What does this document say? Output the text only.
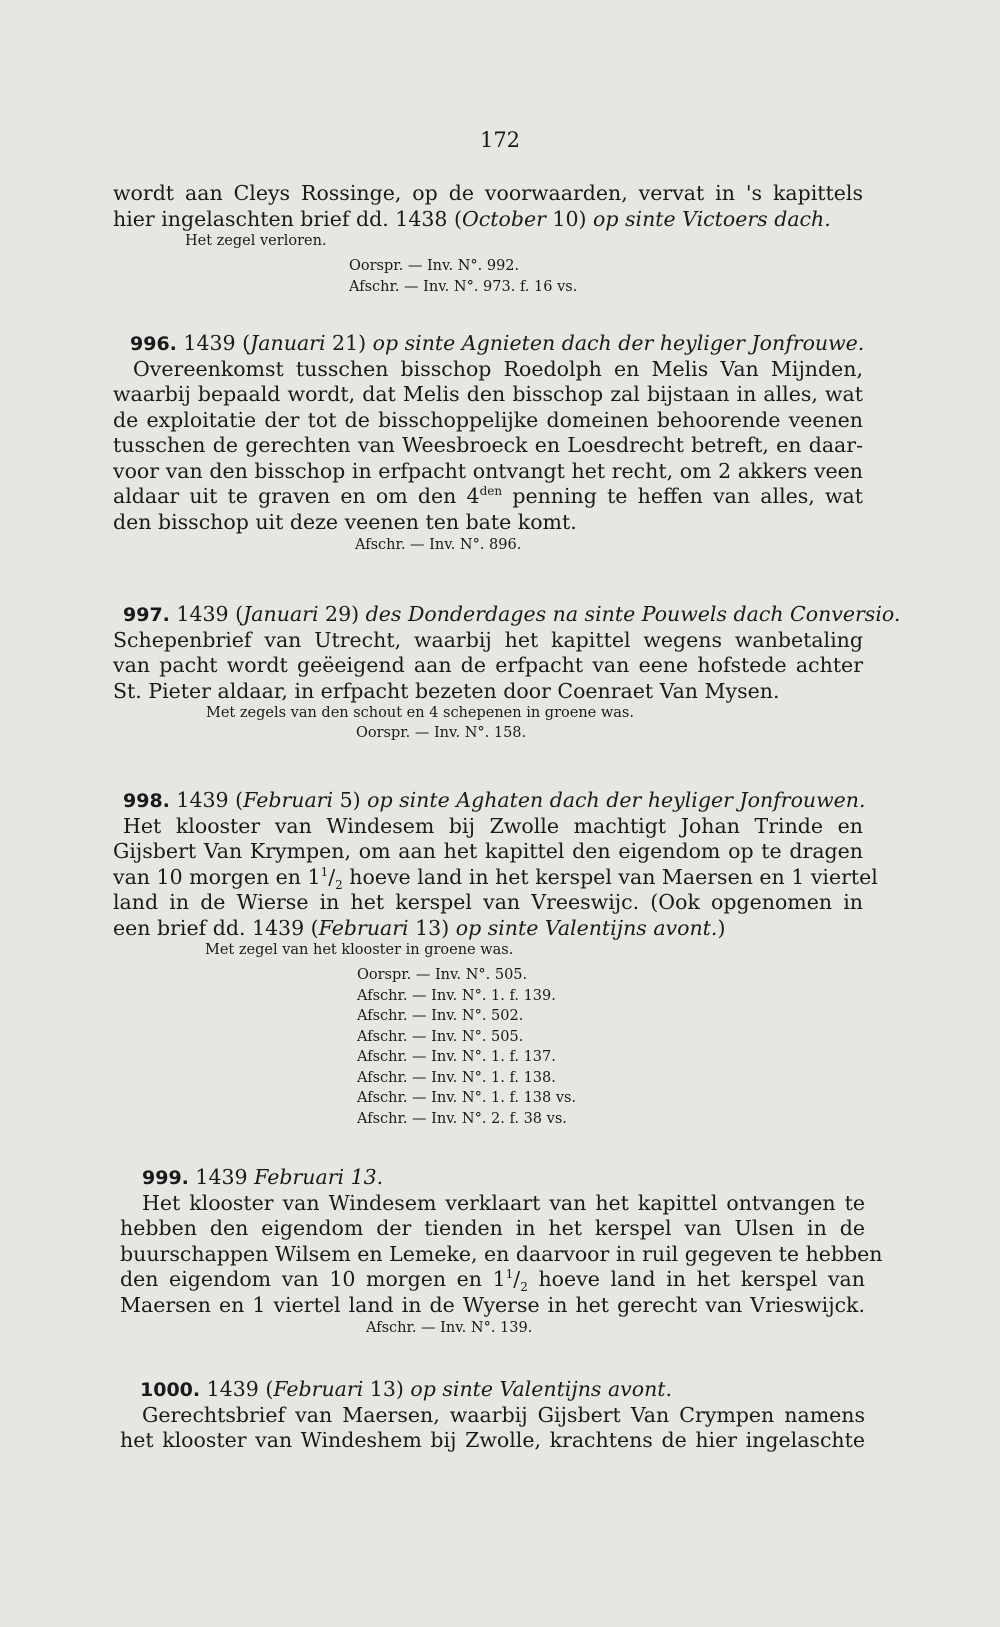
172
wordt aan Cleys Rossinge, op de voorwaarden, vervat in 's kapittels
hier ingelaschten brief dd. 1438 (October 10) op sinte Victoers dach.
Het zegel verloren.
Oorspr. — Inv. N°. 992.
Afschr. — Inv. N°. 973. f. 16 vs.
996. 1439 (Januari 21) op sinte Agnieten dach der heyliger Jonfrouwe.
Overeenkomst tusschen bisschop Roedolph en Melis Van Mijnden,
waarbij bepaald wordt, dat Melis den bisschop zal bijstaan in alles, wat
de exploitatie der tot de bisschoppelijke domeinen behoorende veenen
tusschen de gerechten van Weesbroeck en Loesdrecht betreft, en daar-
voor van den bisschop in erfpacht ontvangt het recht, om 2 akkers veen
aldaar uit te graven en om den $4^{den}$ penning te heffen van alles, wat
den bisschop uit deze veenen ten bate komt.
Afschr. — Inv. N°. 896.
997. 1439 (Januari 29) des Donderdages na sinte Pouwels dach Conversio.
Schepenbrief van Utrecht, waarbij het kapittel wegens wanbetaling
van pacht wordt geëeigend aan de erfpacht van eene hofstede achter
St. Pieter aldaar, in erfpacht bezeten door Coenraet Van Mysen.
Met zegels van den schout en 4 schepenen in groene was.
Oorspr. — Inv. N°. 158.
998. 1439 (Februari 5) op sinte Aghaten dach der heyliger Jonfrouwen.
Het klooster van Windesem bij Zwolle machtigt Johan Trinde en
Gijsbert Van Krympen, om aan het kapittel den eigendom op te dragen
van 10 morgen en $1^1/_2$ hoeve land in het kerspel van Maersen en 1 viertel
land in de Wierse in het kerspel van Vreeswijc. (Ook opgenomen in
een brief dd. 1439 (Februari 13) op sinte Valentijns avont.)
Met zegel van het klooster in groene was.
Oorspr. — Inv. N°. 505.
Afschr. — Inv. N°. 1. f. 139.
Afschr. — Inv. N°. 502.
Afschr. — Inv. N°. 505.
Afschr. — Inv. N°. 1. f. 137.
Afschr. — Inv. N°. 1. f. 138.
Afschr. — Inv. N°. 1. f. 138 vs.
Afschr. — Inv. N°. 2. f. 38 vs.
999. 1439 Februari 13.
Het klooster van Windesem verklaart van het kapittel ontvangen te
hebben den eigendom der tienden in het kerspel van Ulsen in de
buurschappen Wilsem en Lemeke, en daarvoor in ruil gegeven te hebben
den eigendom van 10 morgen en $1^1/_2$ hoeve land in het kerspel van
Maersen en 1 viertel land in de Wyerse in het gerecht van Vrieswijck.
Afschr. — Inv. N°. 139.
1000. 1439 (Februari 13) op sinte Valentijns avont.
Gerechtsbrief van Maersen, waarbij Gijsbert Van Crympen namens
het klooster van Windeshem bij Zwolle, krachtens de hier ingelaschte
